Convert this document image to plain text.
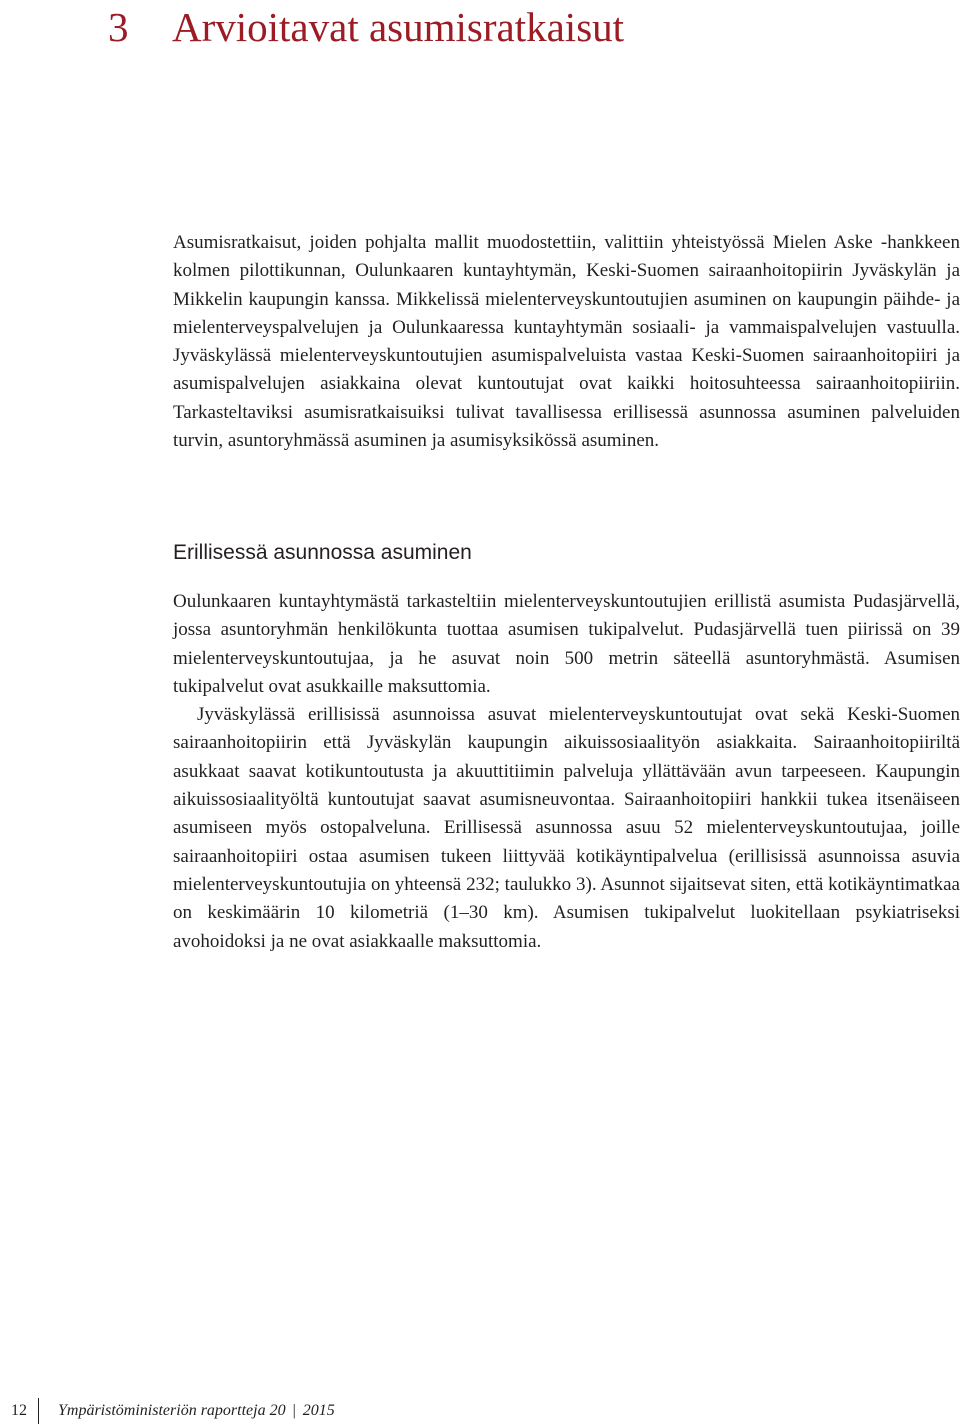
3 Arvioitavat asumisratkaisut

Asumisratkaisut, joiden pohjalta mallit muodostettiin, valittiin yhteistyössä Mielen Aske -hankkeen kolmen pilottikunnan, Oulunkaaren kuntayhtymän, Keski-Suomen sairaanhoitopiirin Jyväskylän ja Mikkelin kaupungin kanssa. Mikkelissä mielenterveyskuntoutujien asuminen on kaupungin päihde- ja mielenterveyspalvelujen ja Oulunkaaressa kuntayhtymän sosiaali- ja vammaispalvelujen vastuulla. Jyväskylässä mielenterveyskuntoutujien asumispalveluista vastaa Keski-Suomen sairaanhoitopiiri ja asumispalvelujen asiakkaina olevat kuntoutujat ovat kaikki hoitosuhteessa sairaanhoitopiiriin. Tarkasteltaviksi asumisratkaisuiksi tulivat tavallisessa erillisessä asunnossa asuminen palveluiden turvin, asuntoryhmässä asuminen ja asumisyksikössä asuminen.

Erillisessä asunnossa asuminen

Oulunkaaren kuntayhtymästä tarkasteltiin mielenterveyskuntoutujien erillistä asumista Pudasjärvellä, jossa asuntoryhmän henkilökunta tuottaa asumisen tukipalvelut. Pudasjärvellä tuen piirissä on 39 mielenterveyskuntoutujaa, ja he asuvat noin 500 metrin säteellä asuntoryhmästä. Asumisen tukipalvelut ovat asukkaille maksuttomia.

Jyväskylässä erillisissä asunnoissa asuvat mielenterveyskuntoutujat ovat sekä Keski-Suomen sairaanhoitopiirin että Jyväskylän kaupungin aikuissosiaalityön asiakkaita. Sairaanhoitopiiriltä asukkaat saavat kotikuntoutusta ja akuuttitiimin palveluja yllättävään avun tarpeeseen. Kaupungin aikuissosiaalityöltä kuntoutujat saavat asumisneuvontaa. Sairaanhoitopiiri hankkii tukea itsenäiseen asumiseen myös ostopalveluna. Erillisessä asunnossa asuu 52 mielenterveyskuntoutujaa, joille sairaanhoitopiiri ostaa asumisen tukeen liittyvää kotikäyntipalvelua (erillisissä asunnoissa asuvia mielenterveyskuntoutujia on yhteensä 232; taulukko 3). Asunnot sijaitsevat siten, että kotikäyntimatkaa on keskimäärin 10 kilometriä (1–30 km). Asumisen tukipalvelut luokitellaan psykiatriseksi avohoidoksi ja ne ovat asiakkaalle maksuttomia.

12	Ympäristöministeriön raportteja 20 | 2015
